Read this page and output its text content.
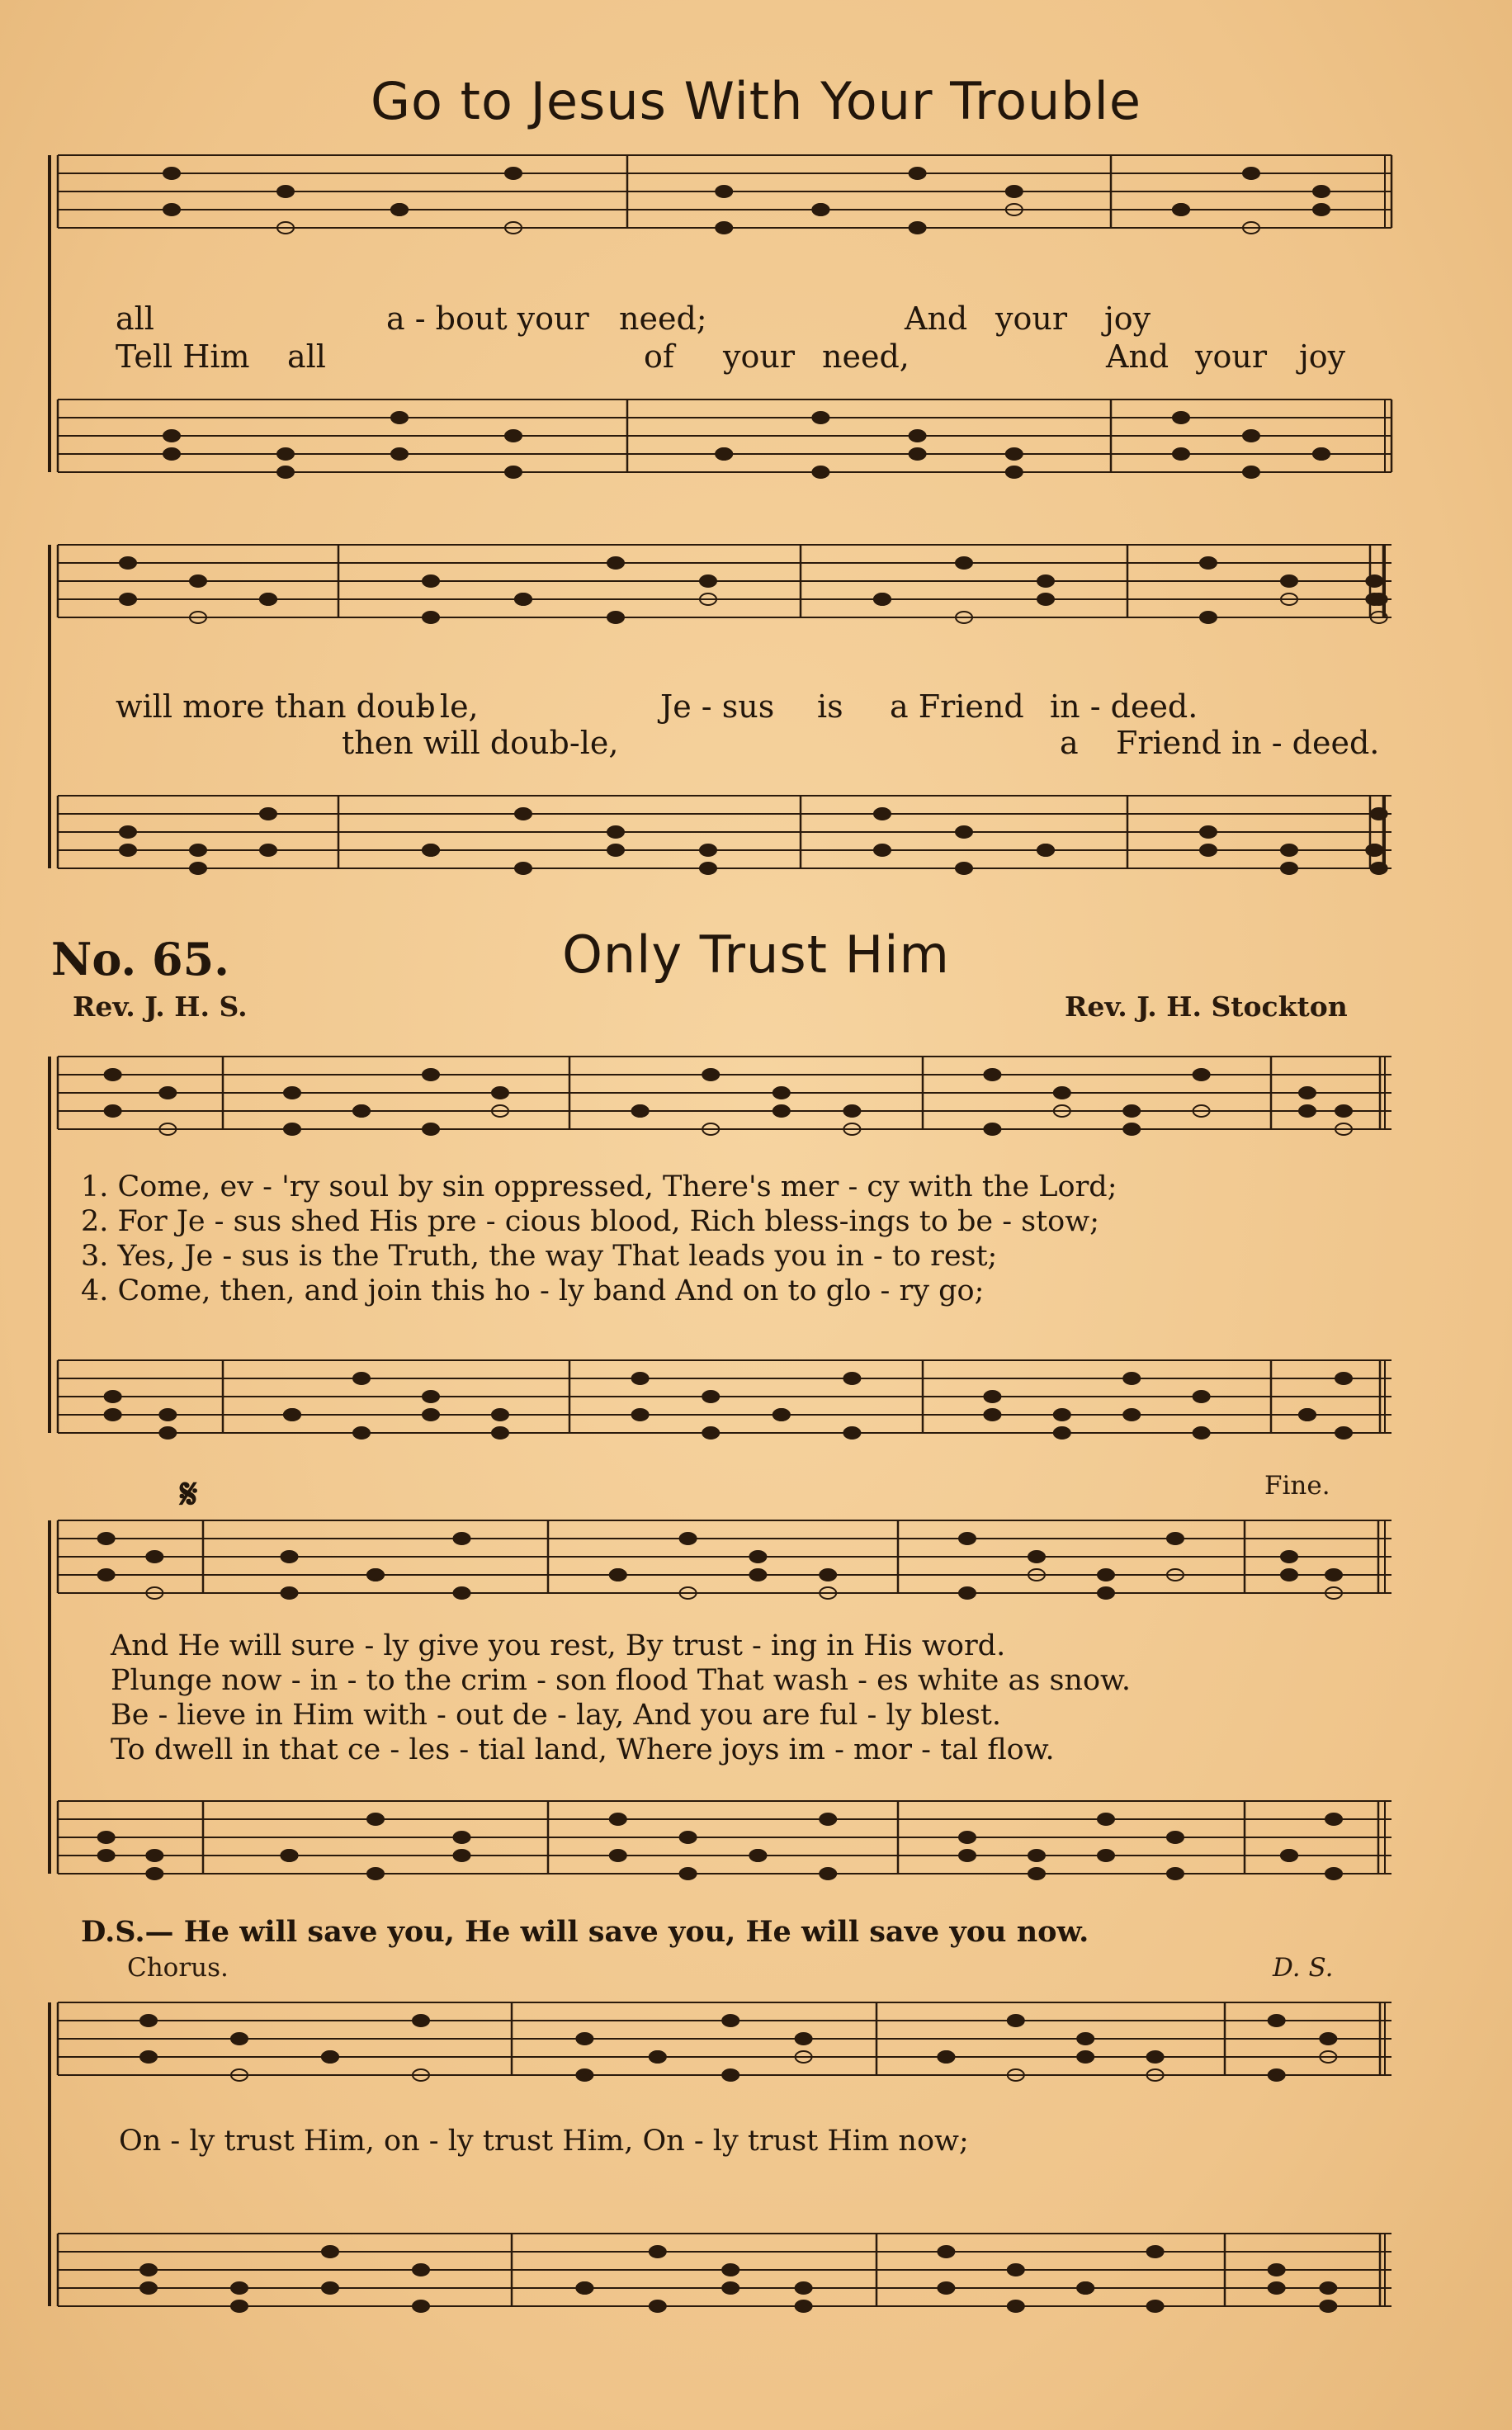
Go to Jesus With Your Trouble
all	a - bout your need;	And your joy
Tell Him all	of your need,	And your joy
will more than doub
- le,	Je - sus is a Friend in - deed.
then will doub-le,	a Friend in - deed.
No. 65.	Only Trust Him
Rev. J. H. S.	Rev. J. H. Stockton
1. Come, ev - 'ry soul by sin oppressed, There's mer - cy with the Lord;
2. For Je - sus shed His pre - cious blood, Rich bless-ings to be - stow;
3. Yes, Je - sus is the Truth, the way That leads you in - to rest;
4. Come, then, and join this ho - ly band And on to glo - ry go;
𝄋	Fine.
And He will sure - ly give you rest, By trust - ing in His word.
Plunge now - in - to the crim - son flood That wash - es white as snow.
Be - lieve in Him with - out de - lay, And you are ful - ly blest.
To dwell in that ce - les - tial land, Where joys im - mor - tal flow.
D.S.— He will save you, He will save you, He will save you now.
Chorus.	D. S.
On - ly trust Him, on - ly trust Him, On - ly trust Him now;
